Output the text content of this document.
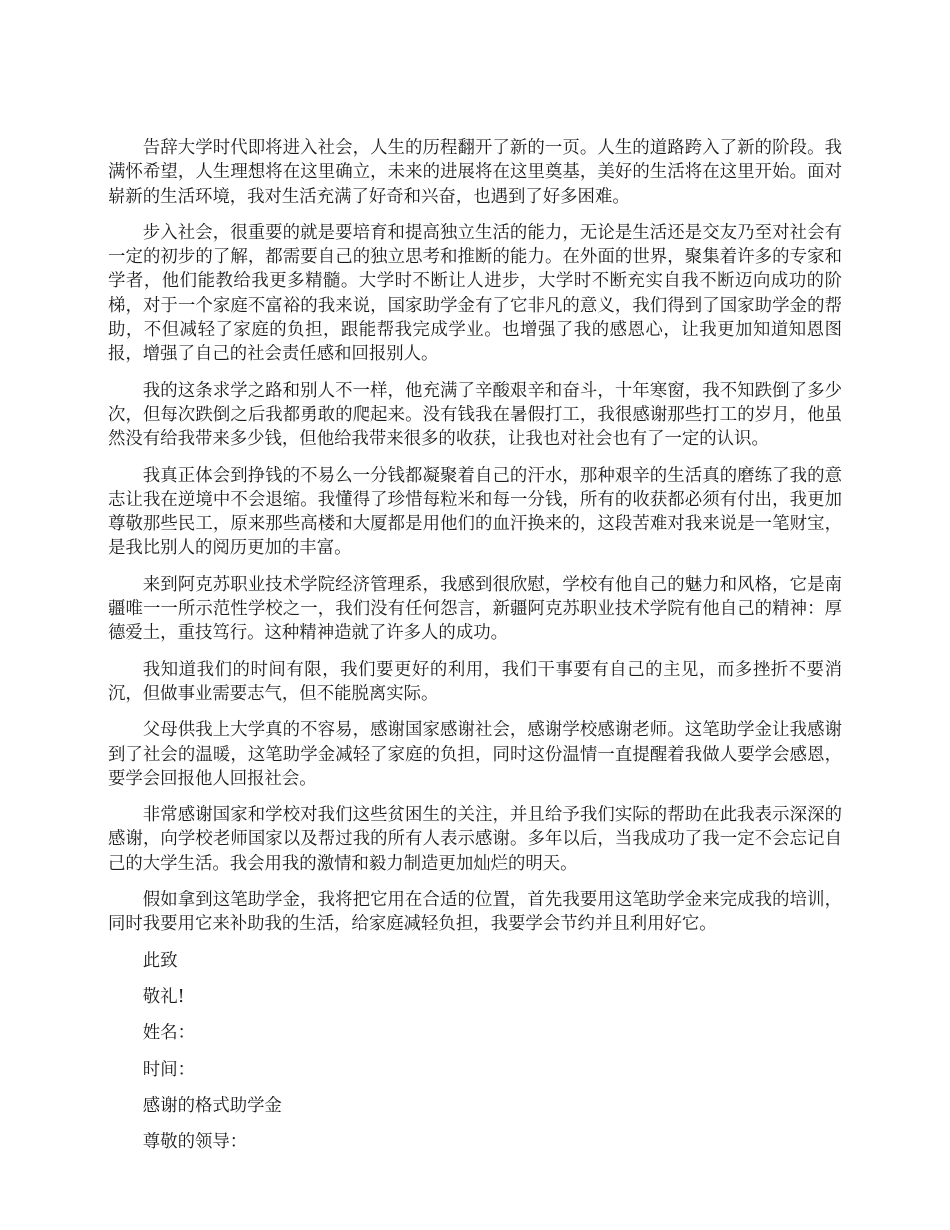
告辞大学时代即将进入社会，人生的历程翻开了新的一页。人生的道路跨入了新的阶段。我满怀希望，人生理想将在这里确立，未来的进展将在这里奠基，美好的生活将在这里开始。面对崭新的生活环境，我对生活充满了好奇和兴奋，也遇到了好多困难。

步入社会，很重要的就是要培育和提高独立生活的能力，无论是生活还是交友乃至对社会有一定的初步的了解，都需要自己的独立思考和推断的能力。在外面的世界，聚集着许多的专家和学者，他们能教给我更多精髓。大学时不断让人进步，大学时不断充实自我不断迈向成功的阶梯，对于一个家庭不富裕的我来说，国家助学金有了它非凡的意义，我们得到了国家助学金的帮助，不但减轻了家庭的负担，跟能帮我完成学业。也增强了我的感恩心，让我更加知道知恩图报，增强了自己的社会责任感和回报别人。

我的这条求学之路和别人不一样，他充满了辛酸艰辛和奋斗，十年寒窗，我不知跌倒了多少次，但每次跌倒之后我都勇敢的爬起来。没有钱我在暑假打工，我很感谢那些打工的岁月，他虽然没有给我带来多少钱，但他给我带来很多的收获，让我也对社会也有了一定的认识。

我真正体会到挣钱的不易么一分钱都凝聚着自己的汗水，那种艰辛的生活真的磨练了我的意志让我在逆境中不会退缩。我懂得了珍惜每粒米和每一分钱，所有的收获都必须有付出，我更加尊敬那些民工，原来那些高楼和大厦都是用他们的血汗换来的，这段苦难对我来说是一笔财宝，是我比别人的阅历更加的丰富。

来到阿克苏职业技术学院经济管理系，我感到很欣慰，学校有他自己的魅力和风格，它是南疆唯一一所示范性学校之一，我们没有任何怨言，新疆阿克苏职业技术学院有他自己的精神：厚德爱土，重技笃行。这种精神造就了许多人的成功。

我知道我们的时间有限，我们要更好的利用，我们干事要有自己的主见，而多挫折不要消沉，但做事业需要志气，但不能脱离实际。

父母供我上大学真的不容易，感谢国家感谢社会，感谢学校感谢老师。这笔助学金让我感谢到了社会的温暖，这笔助学金减轻了家庭的负担，同时这份温情一直提醒着我做人要学会感恩，要学会回报他人回报社会。

非常感谢国家和学校对我们这些贫困生的关注，并且给予我们实际的帮助在此我表示深深的感谢，向学校老师国家以及帮过我的所有人表示感谢。多年以后，当我成功了我一定不会忘记自己的大学生活。我会用我的激情和毅力制造更加灿烂的明天。

假如拿到这笔助学金，我将把它用在合适的位置，首先我要用这笔助学金来完成我的培训，同时我要用它来补助我的生活，给家庭减轻负担，我要学会节约并且利用好它。

此致

敬礼!

姓名：

时间：

感谢的格式助学金

尊敬的领导：
